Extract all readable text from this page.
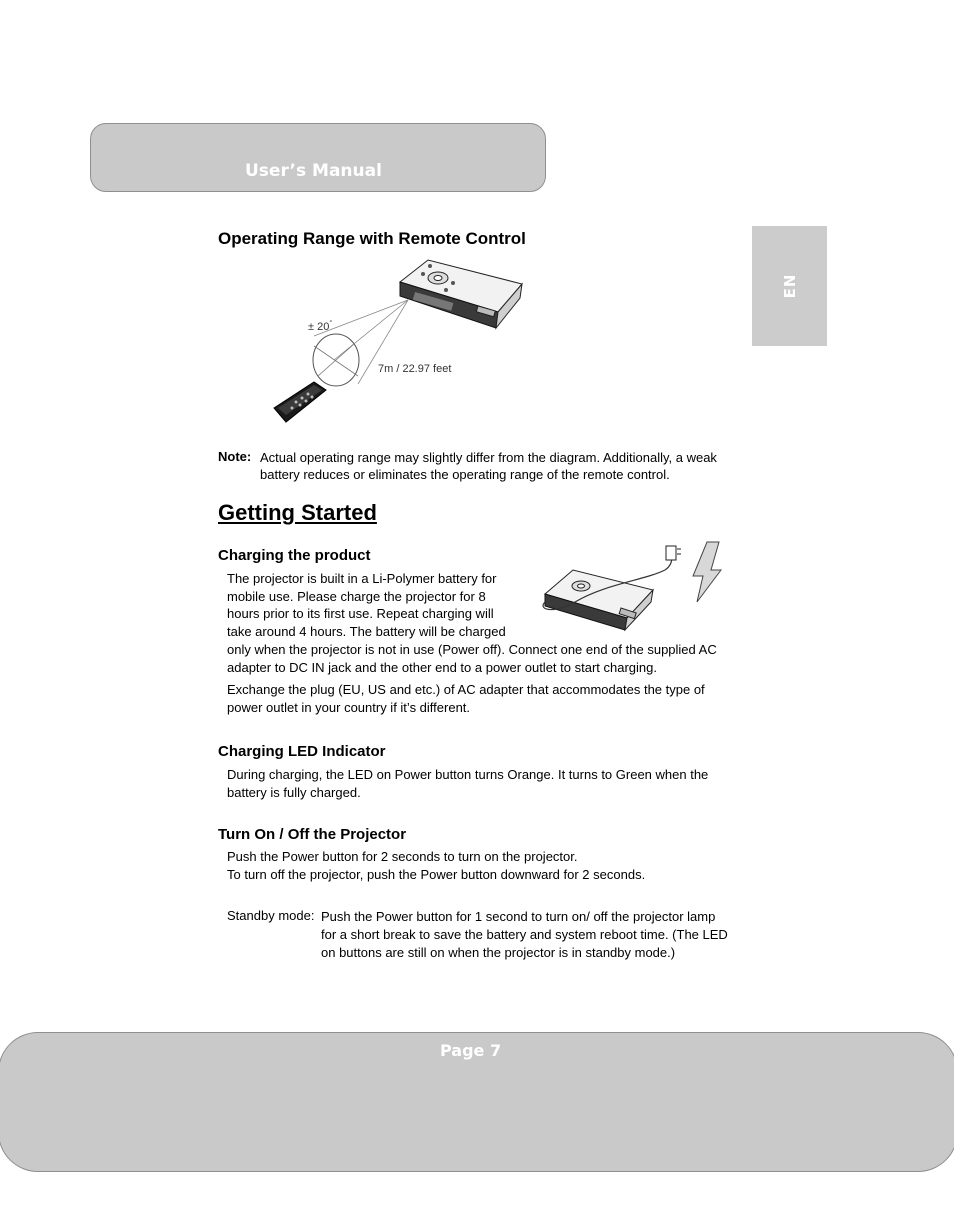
User’s Manual
EN
Operating Range with Remote Control
± 20°
7m / 22.97 feet
Note: Actual operating range may slightly differ from the diagram. Additionally, a weak battery reduces or eliminates the operating range of the remote control.

Getting Started
Charging the product

The projector is built in a Li-Polymer battery for

mobile use. Please charge the projector for 8

hours prior to its first use. Repeat charging will

take around 4 hours. The battery will be charged

only when the projector is not in use (Power off). Connect one end of the supplied AC

adapter to DC IN jack and the other end to a power outlet to start charging.

Exchange the plug (EU, US and etc.) of AC adapter that accommodates the type of

power outlet in your country if it’s different.

Charging LED Indicator

During charging, the LED on Power button turns Orange. It turns to Green when the

battery is fully charged.

Turn On / Off the Projector

Push the Power button for 2 seconds to turn on the projector.

To turn off the projector, push the Power button downward for 2 seconds.

Standby mode: Push the Power button for 1 second to turn on/ off the projector lamp
for a short break to save the battery and system reboot time. (The LED
on buttons are still on when the projector is in standby mode.)
Page 7
